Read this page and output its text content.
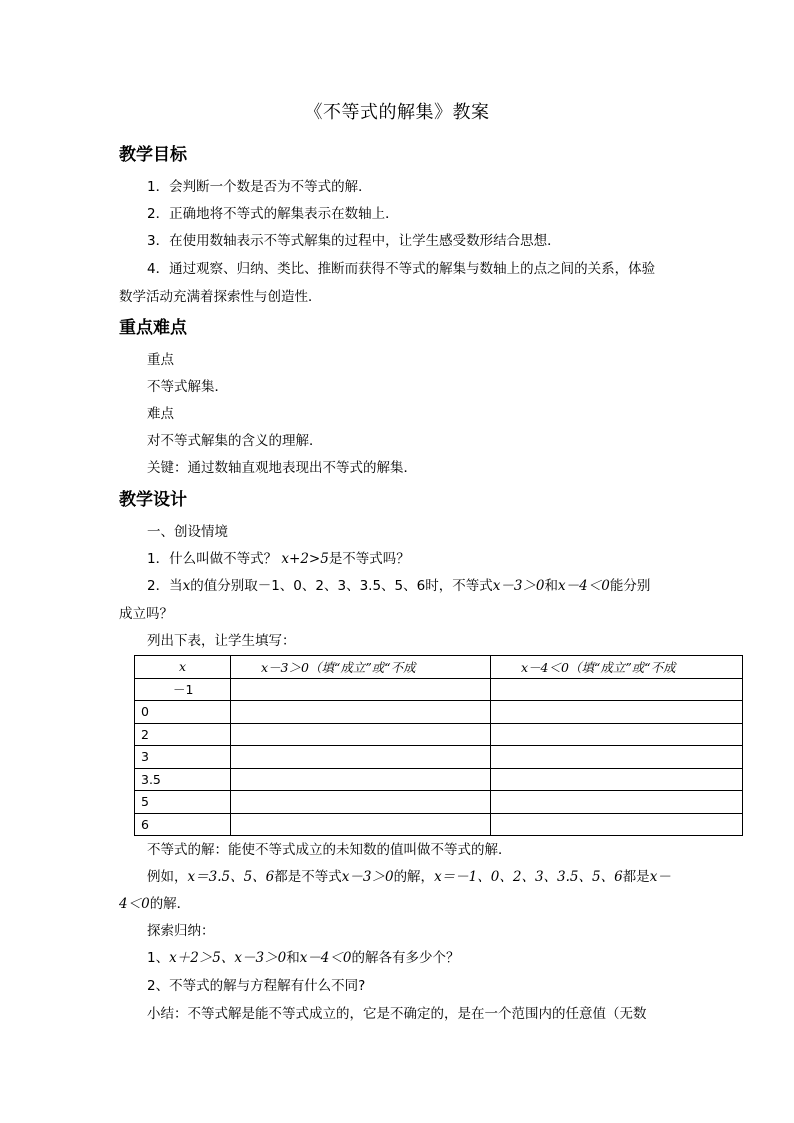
《不等式的解集》教案
教学目标
1．会判断一个数是否为不等式的解．
2．正确地将不等式的解集表示在数轴上．
3．在使用数轴表示不等式解集的过程中，让学生感受数形结合思想．
4．通过观察、归纳、类比、推断而获得不等式的解集与数轴上的点之间的关系，体验
数学活动充满着探索性与创造性．
重点难点
重点
不等式解集．
难点
对不等式解集的含义的理解．
关键：通过数轴直观地表现出不等式的解集．
教学设计
一、创设情境
1．什么叫做不等式？ x+2>5是不等式吗？
2．当x的值分别取－1、0、2、3、3.5、5、6时，不等式x－3＞0和x－4＜0能分别
成立吗？
列出下表，让学生填写：
x	x－3＞0（填“成立”或“不成	x－4＜0（填“成立”或“不成
－1		
0		
2		
3		
3.5		
5		
6		
不等式的解：能使不等式成立的未知数的值叫做不等式的解．
例如，x＝3.5、5、6都是不等式x－3＞0的解，x＝－1、0、2、3、3.5、5、6都是x－
4＜0的解．
探索归纳：
1、x＋2＞5、x－3＞0和x－4＜0的解各有多少个？
2、不等式的解与方程解有什么不同?
小结：不等式解是能不等式成立的，它是不确定的，是在一个范围内的任意值（无数
